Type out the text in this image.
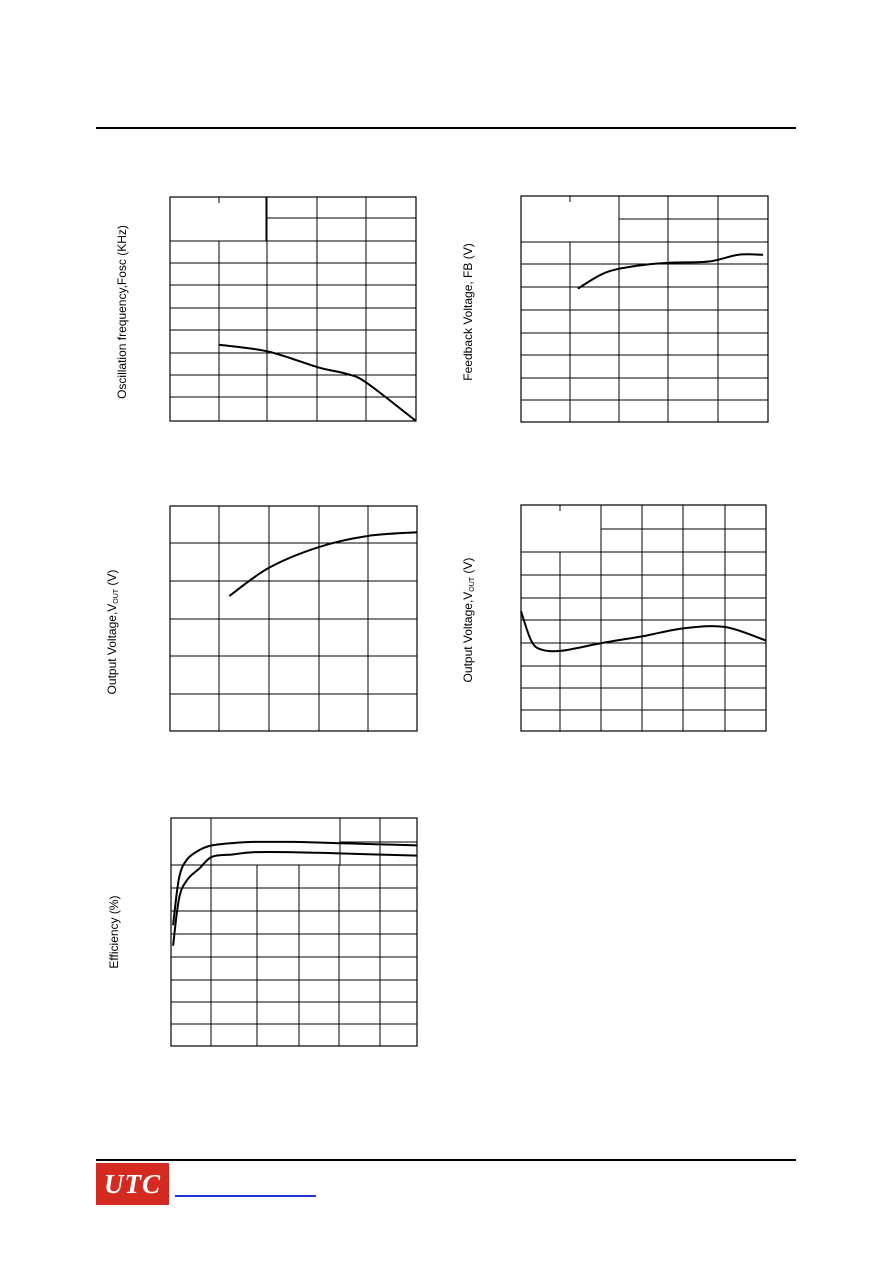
Oscillation frequency,Fosc (KHz)	Feedback Voltage, FB (V)
Output Voltage,VOUT (V)
Output Voltage,VOUT (V)
Efficiency (%)
UTC
